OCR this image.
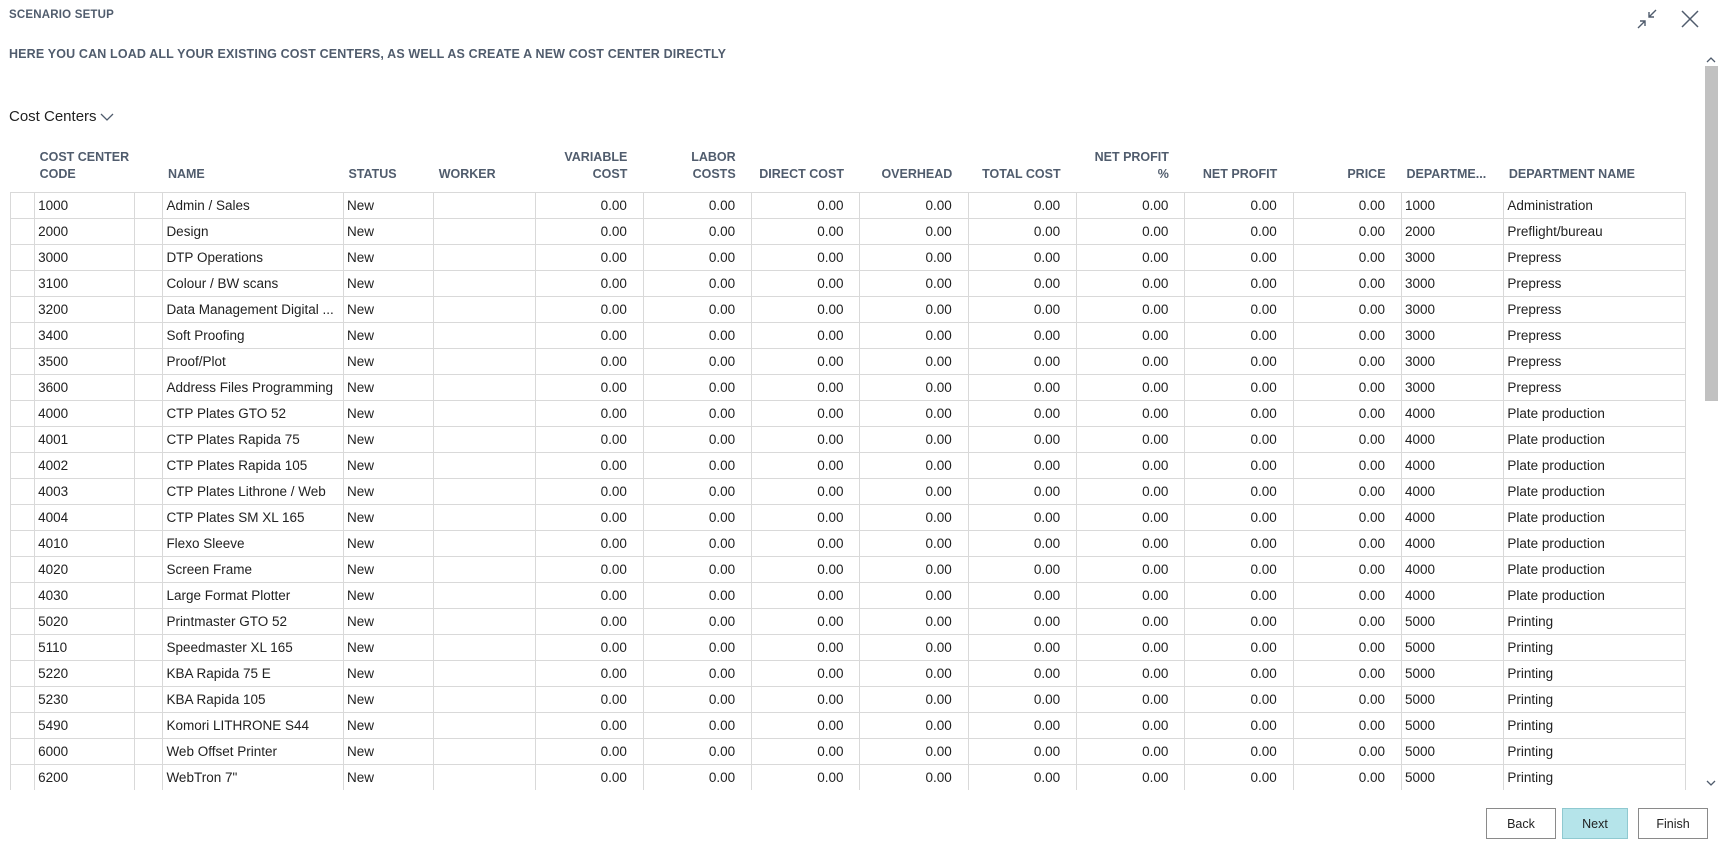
SCENARIO SETUP
HERE YOU CAN LOAD ALL YOUR EXISTING COST CENTERS, AS WELL AS CREATE A NEW COST CENTER DIRECTLY
Cost Centers
	COST CENTER CODE		NAME	STATUS	WORKER	VARIABLE COST	LABOR COSTS	DIRECT COST	OVERHEAD	TOTAL COST	NET PROFIT %	NET PROFIT	PRICE	DEPARTME...	DEPARTMENT NAME
	1000		Admin / Sales	New		0.00	0.00	0.00	0.00	0.00	0.00	0.00	0.00	1000	Administration
	2000		Design	New		0.00	0.00	0.00	0.00	0.00	0.00	0.00	0.00	2000	Preflight/bureau
	3000		DTP Operations	New		0.00	0.00	0.00	0.00	0.00	0.00	0.00	0.00	3000	Prepress
	3100		Colour / BW scans	New		0.00	0.00	0.00	0.00	0.00	0.00	0.00	0.00	3000	Prepress
	3200		Data Management Digital ...	New		0.00	0.00	0.00	0.00	0.00	0.00	0.00	0.00	3000	Prepress
	3400		Soft Proofing	New		0.00	0.00	0.00	0.00	0.00	0.00	0.00	0.00	3000	Prepress
	3500		Proof/Plot	New		0.00	0.00	0.00	0.00	0.00	0.00	0.00	0.00	3000	Prepress
	3600		Address Files Programming	New		0.00	0.00	0.00	0.00	0.00	0.00	0.00	0.00	3000	Prepress
	4000		CTP Plates GTO 52	New		0.00	0.00	0.00	0.00	0.00	0.00	0.00	0.00	4000	Plate production
	4001		CTP Plates Rapida 75	New		0.00	0.00	0.00	0.00	0.00	0.00	0.00	0.00	4000	Plate production
	4002		CTP Plates Rapida 105	New		0.00	0.00	0.00	0.00	0.00	0.00	0.00	0.00	4000	Plate production
	4003		CTP Plates Lithrone / Web	New		0.00	0.00	0.00	0.00	0.00	0.00	0.00	0.00	4000	Plate production
	4004		CTP Plates SM XL 165	New		0.00	0.00	0.00	0.00	0.00	0.00	0.00	0.00	4000	Plate production
	4010		Flexo Sleeve	New		0.00	0.00	0.00	0.00	0.00	0.00	0.00	0.00	4000	Plate production
	4020		Screen Frame	New		0.00	0.00	0.00	0.00	0.00	0.00	0.00	0.00	4000	Plate production
	4030		Large Format Plotter	New		0.00	0.00	0.00	0.00	0.00	0.00	0.00	0.00	4000	Plate production
	5020		Printmaster GTO 52	New		0.00	0.00	0.00	0.00	0.00	0.00	0.00	0.00	5000	Printing
	5110		Speedmaster XL 165	New		0.00	0.00	0.00	0.00	0.00	0.00	0.00	0.00	5000	Printing
	5220		KBA Rapida 75 E	New		0.00	0.00	0.00	0.00	0.00	0.00	0.00	0.00	5000	Printing
	5230		KBA Rapida 105	New		0.00	0.00	0.00	0.00	0.00	0.00	0.00	0.00	5000	Printing
	5490		Komori LITHRONE S44	New		0.00	0.00	0.00	0.00	0.00	0.00	0.00	0.00	5000	Printing
	6000		Web Offset Printer	New		0.00	0.00	0.00	0.00	0.00	0.00	0.00	0.00	5000	Printing
	6200		WebTron 7"	New		0.00	0.00	0.00	0.00	0.00	0.00	0.00	0.00	5000	Printing
Back	Next	Finish
